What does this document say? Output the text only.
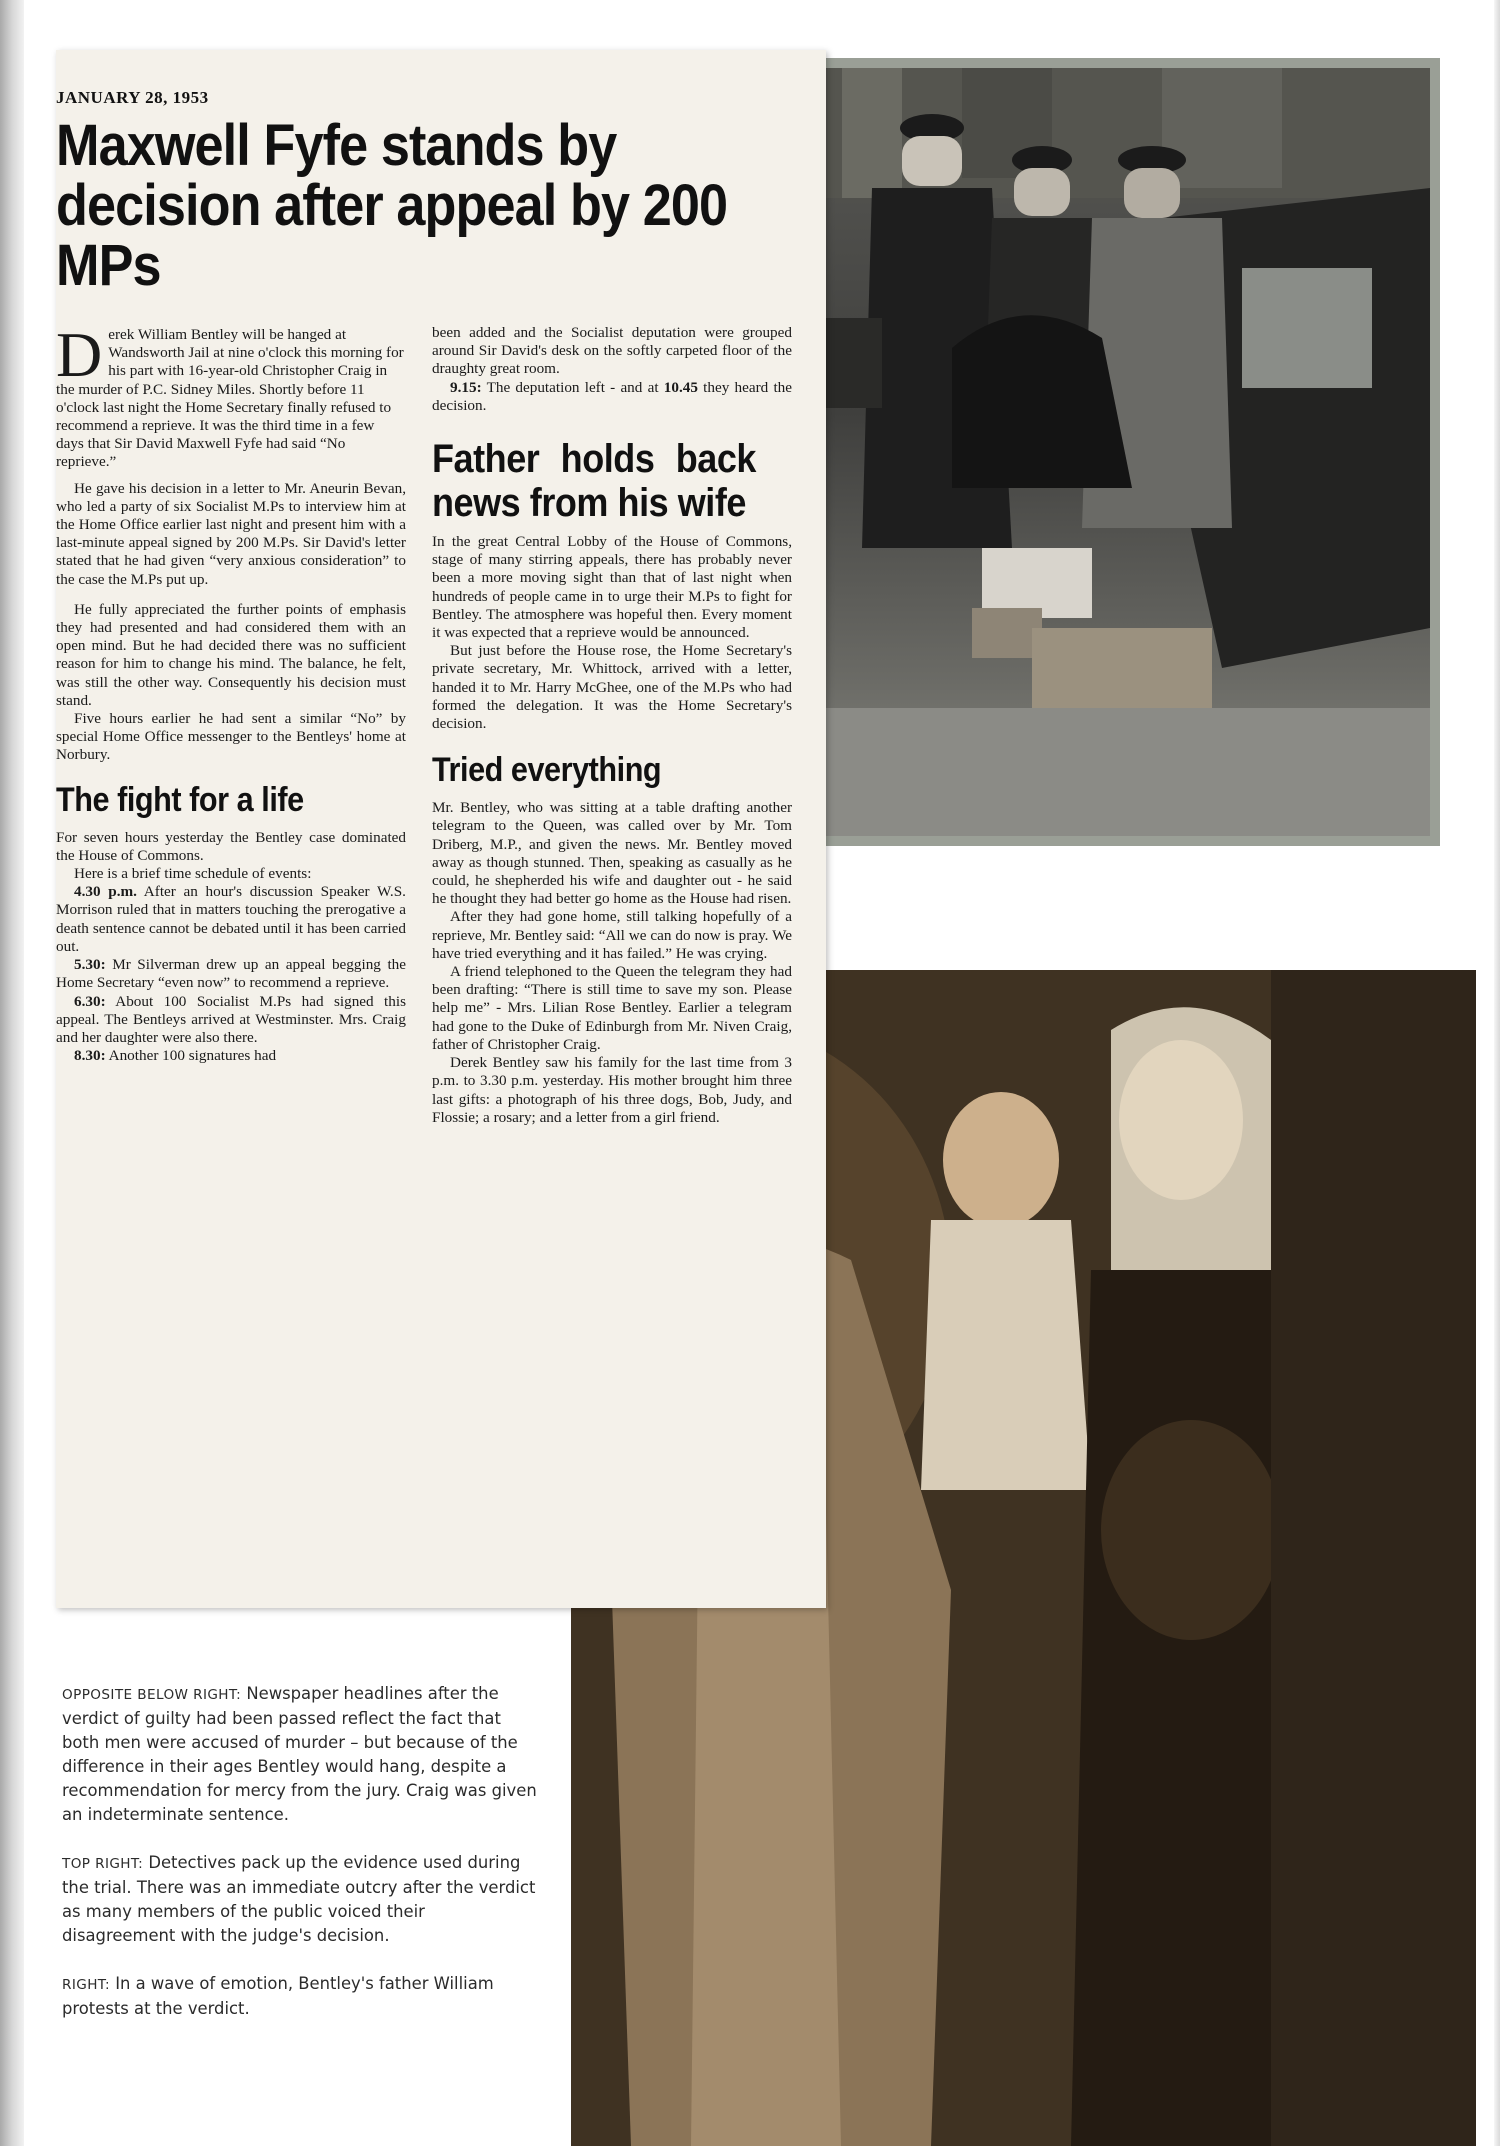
JANUARY 28, 1953
Maxwell Fyfe stands by decision after appeal by 200 MPs

Derek William Bentley will be hanged at Wandsworth Jail at nine o'clock this morning for his part with 16-year-old Christopher Craig in the murder of P.C. Sidney Miles. Shortly before 11 o'clock last night the Home Secretary finally refused to recommend a reprieve. It was the third time in a few days that Sir David Maxwell Fyfe had said “No reprieve.”

He gave his decision in a letter to Mr. Aneurin Bevan, who led a party of six Socialist M.Ps to interview him at the Home Office earlier last night and present him with a last-minute appeal signed by 200 M.Ps. Sir David's letter stated that he had given “very anxious consideration” to the case the M.Ps put up.

He fully appreciated the further points of emphasis they had presented and had considered them with an open mind. But he had decided there was no sufficient reason for him to change his mind. The balance, he felt, was still the other way. Consequently his decision must stand.

Five hours earlier he had sent a similar “No” by special Home Office messenger to the Bentleys' home at Norbury.

The fight for a life

For seven hours yesterday the Bentley case dominated the House of Commons.

Here is a brief time schedule of events:

4.30 p.m. After an hour's discussion Speaker W.S. Morrison ruled that in matters touching the prerogative a death sentence cannot be debated until it has been carried out.

5.30: Mr Silverman drew up an appeal begging the Home Secretary “even now” to recommend a reprieve.

6.30: About 100 Socialist M.Ps had signed this appeal. The Bentleys arrived at Westminster. Mrs. Craig and her daughter were also there.

8.30: Another 100 signatures had

been added and the Socialist deputation were grouped around Sir David's desk on the softly carpeted floor of the draughty great room.

9.15: The deputation left - and at 10.45 they heard the decision.

Father holds back news from his wife

In the great Central Lobby of the House of Commons, stage of many stirring appeals, there has probably never been a more moving sight than that of last night when hundreds of people came in to urge their M.Ps to fight for Bentley. The atmosphere was hopeful then. Every moment it was expected that a reprieve would be announced.

But just before the House rose, the Home Secretary's private secretary, Mr. Whittock, arrived with a letter, handed it to Mr. Harry McGhee, one of the M.Ps who had formed the delegation. It was the Home Secretary's decision.

Tried everything

Mr. Bentley, who was sitting at a table drafting another telegram to the Queen, was called over by Mr. Tom Driberg, M.P., and given the news. Mr. Bentley moved away as though stunned. Then, speaking as casually as he could, he shepherded his wife and daughter out - he said he thought they had better go home as the House had risen.

After they had gone home, still talking hopefully of a reprieve, Mr. Bentley said: “All we can do now is pray. We have tried everything and it has failed.” He was crying.

A friend telephoned to the Queen the telegram they had been drafting: “There is still time to save my son. Please help me” - Mrs. Lilian Rose Bentley. Earlier a telegram had gone to the Duke of Edinburgh from Mr. Niven Craig, father of Christopher Craig.

Derek Bentley saw his family for the last time from 3 p.m. to 3.30 p.m. yesterday. His mother brought him three last gifts: a photograph of his three dogs, Bob, Judy, and Flossie; a rosary; and a letter from a girl friend.

OPPOSITE BELOW RIGHT: Newspaper headlines after the verdict of guilty had been passed reflect the fact that both men were accused of murder – but because of the difference in their ages Bentley would hang, despite a recommendation for mercy from the jury. Craig was given an indeterminate sentence.

TOP RIGHT: Detectives pack up the evidence used during the trial. There was an immediate outcry after the verdict as many members of the public voiced their disagreement with the judge's decision.

RIGHT: In a wave of emotion, Bentley's father William protests at the verdict.
